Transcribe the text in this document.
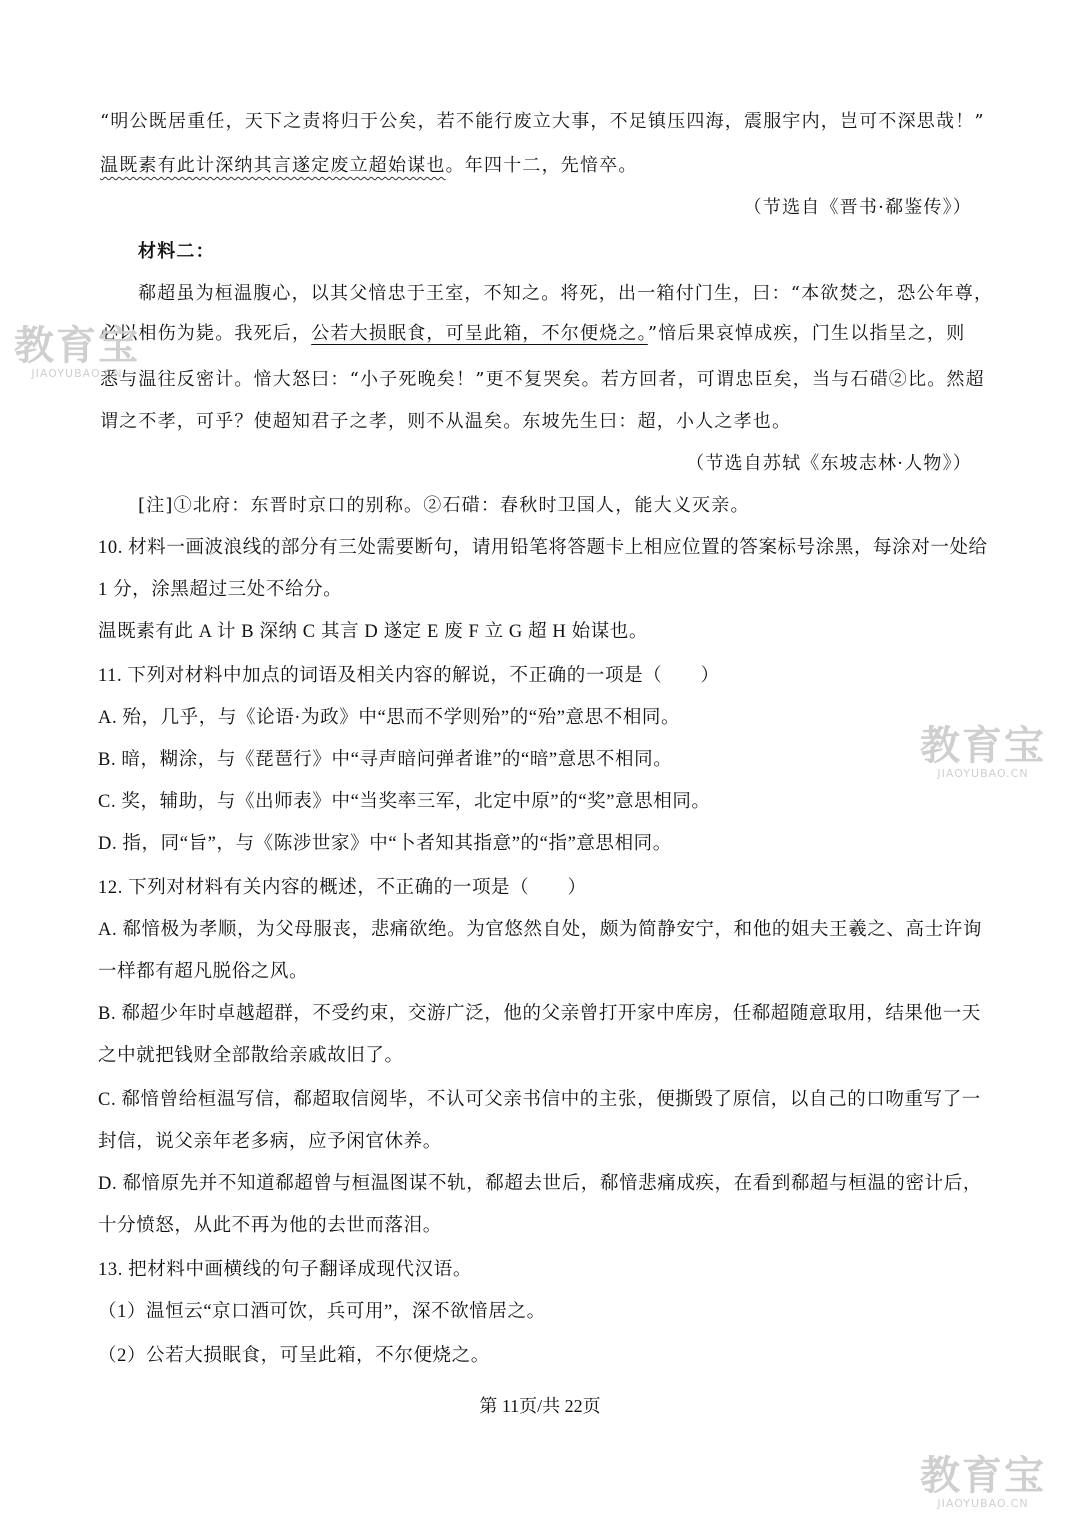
“明公既居重任，天下之责将归于公矣，若不能行废立大事，不足镇压四海，震服宇内，岂可不深思哉！”
温既素有此计深纳其言遂定废立超始谋也。年四十二，先愔卒。
（节选自《晋书·郗鉴传》）
材料二：
郗超虽为桓温腹心，以其父愔忠于王室，不知之。将死，出一箱付门生，曰：“本欲焚之，恐公年尊，
必以相伤为毙。我死后，公若大损眠食，可呈此箱，不尔便烧之。”愔后果哀悼成疾，门生以指呈之，则
悉与温往反密计。愔大怒曰：“小子死晚矣！”更不复哭矣。若方回者，可谓忠臣矣，当与石碏②比。然超
谓之不孝，可乎？使超知君子之孝，则不从温矣。东坡先生曰：超，小人之孝也。
（节选自苏轼《东坡志林·人物》）
[注]①北府：东晋时京口的别称。②石碏：春秋时卫国人，能大义灭亲。
10. 材料一画波浪线的部分有三处需要断句，请用铅笔将答题卡上相应位置的答案标号涂黑，每涂对一处给
1 分，涂黑超过三处不给分。
温既素有此 A 计 B 深纳 C 其言 D 遂定 E 废 F 立 G 超 H 始谋也。
11. 下列对材料中加点的词语及相关内容的解说，不正确的一项是（　　）
A. 殆，几乎，与《论语·为政》中“思而不学则殆”的“殆”意思不相同。
B. 暗，糊涂，与《琵琶行》中“寻声暗问弹者谁”的“暗”意思不相同。
C. 奖，辅助，与《出师表》中“当奖率三军，北定中原”的“奖”意思相同。
D. 指，同“旨”，与《陈涉世家》中“卜者知其指意”的“指”意思相同。
12. 下列对材料有关内容的概述，不正确的一项是（　　）
A. 郗愔极为孝顺，为父母服丧，悲痛欲绝。为官悠然自处，颇为简静安宁，和他的姐夫王羲之、高士许询
一样都有超凡脱俗之风。
B. 郗超少年时卓越超群，不受约束，交游广泛，他的父亲曾打开家中库房，任郗超随意取用，结果他一天
之中就把钱财全部散给亲戚故旧了。
C. 郗愔曾给桓温写信，郗超取信阅毕，不认可父亲书信中的主张，便撕毁了原信，以自己的口吻重写了一
封信，说父亲年老多病，应予闲官休养。
D. 郗愔原先并不知道郗超曾与桓温图谋不轨，郗超去世后，郗愔悲痛成疾，在看到郗超与桓温的密计后，
十分愤怒，从此不再为他的去世而落泪。
13. 把材料中画横线的句子翻译成现代汉语。
（1）温恒云“京口酒可饮，兵可用”，深不欲愔居之。
（2）公若大损眠食，可呈此箱，不尔便烧之。
第 11页/共 22页
教育宝
JIAOYUBAO.CN
教育宝
JIAOYUBAO.CN
教育宝
JIAOYUBAO.CN
